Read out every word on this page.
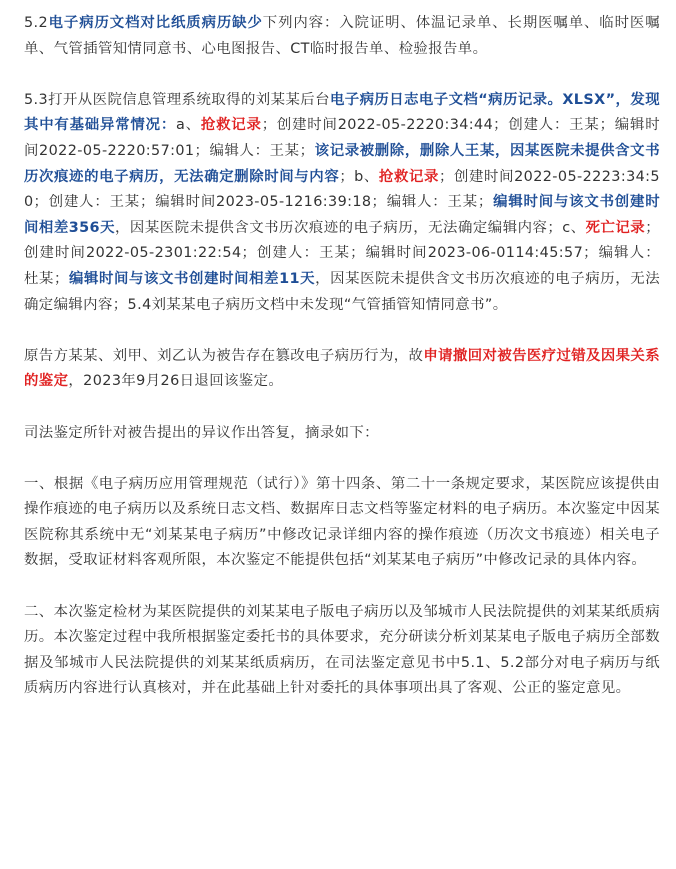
5.2电子病历文档对比纸质病历缺少下列内容：入院证明、体温记录单、长期医嘱单、临时医嘱单、气管插管知情同意书、心电图报告、CT临时报告单、检验报告单。

5.3打开从医院信息管理系统取得的刘某某后台电子病历日志电子文档“病历记录。XLSX”，发现其中有基础异常情况：a、抢救记录；创建时间2022-05-2220:34:44；创建人：王某；编辑时间2022-05-2220:57:01；编辑人：王某；该记录被删除，删除人王某，因某医院未提供含文书历次痕迹的电子病历，无法确定删除时间与内容；b、抢救记录；创建时间2022-05-2223:34:50；创建人：王某；编辑时间2023-05-1216:39:18；编辑人：王某；编辑时间与该文书创建时间相差356天，因某医院未提供含文书历次痕迹的电子病历，无法确定编辑内容；c、死亡记录；创建时间2022-05-2301:22:54；创建人：王某；编辑时间2023-06-0114:45:57；编辑人：杜某；编辑时间与该文书创建时间相差11天，因某医院未提供含文书历次痕迹的电子病历，无法确定编辑内容；5.4刘某某电子病历文档中未发现“气管插管知情同意书”。

原告方某某、刘甲、刘乙认为被告存在篡改电子病历行为，故申请撤回对被告医疗过错及因果关系的鉴定，2023年9月26日退回该鉴定。

司法鉴定所针对被告提出的异议作出答复，摘录如下：

一、根据《电子病历应用管理规范（试行）》第十四条、第二十一条规定要求，某医院应该提供由操作痕迹的电子病历以及系统日志文档、数据库日志文档等鉴定材料的电子病历。本次鉴定中因某医院称其系统中无“刘某某电子病历”中修改记录详细内容的操作痕迹（历次文书痕迹）相关电子数据，受取证材料客观所限，本次鉴定不能提供包括“刘某某电子病历”中修改记录的具体内容。

二、本次鉴定检材为某医院提供的刘某某电子版电子病历以及邹城市人民法院提供的刘某某纸质病历。本次鉴定过程中我所根据鉴定委托书的具体要求，充分研读分析刘某某电子版电子病历全部数据及邹城市人民法院提供的刘某某纸质病历，在司法鉴定意见书中5.1、5.2部分对电子病历与纸质病历内容进行认真核对，并在此基础上针对委托的具体事项出具了客观、公正的鉴定意见。
